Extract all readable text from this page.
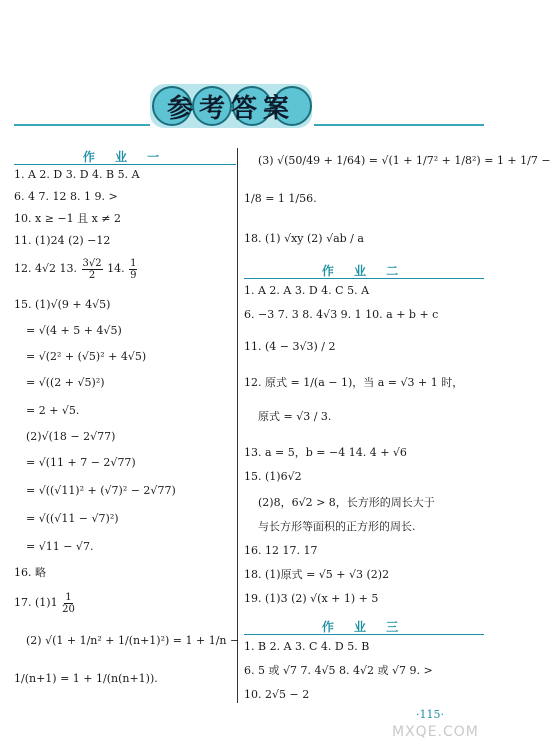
参考答案
作 业 一
1. A 2. D 3. D 4. B 5. A
6. 4 7. 12 8. 1 9. >
10. x ≥ −1 且 x ≠ 2
11. (1)24 (2) −12
12. 4√2 13. $\frac{3√2}{2} 14$. $\frac{1}{9}$
15. (1)√(9 + 4√5)
= √(4 + 5 + 4√5)
= √(2² + (√5)² + 4√5)
= √((2 + √5)²)
= 2 + √5.
(2)√(18 − 2√77)
= √(11 + 7 − 2√77)
= √((√11)² + (√7)² − 2√77)
= √((√11 − √7)²)
= √11 − √7.
16. 略
17. $(1)1 \frac{1}{20}$
(2) √(1 + 1/n² + 1/(n+1)²) = 1 + 1/n −
1/(n+1) = 1 + 1/(n(n+1)).
(3) √(50/49 + 1/64) = √(1 + 1/7² + 1/8²) = 1 + 1/7 −
1/8 = 1 1/56.
18. (1) √xy (2) √ab / a
作 业 二
1. A 2. A 3. D 4. C 5. A
6. −3 7. 3 8. 4√3 9. 1 10. a + b + c
11. (4 − 3√3) / 2
12. 原式 = 1/(a − 1)，当 a = √3 + 1 时，
原式 = √3 / 3.
13. a = 5，b = −4 14. 4 + √6
15. (1)6√2
(2)8，6√2 > 8，长方形的周长大于
与长方形等面积的正方形的周长.
16. 12 17. 17
18. (1)原式 = √5 + √3 (2)2
19. (1)3 (2) √(x + 1) + 5
作 业 三
1. B 2. A 3. C 4. D 5. B
6. 5 或 √7 7. 4√5 8. 4√2 或 √7 9. >
10. 2√5 − 2
·115·
MXQE.COM
